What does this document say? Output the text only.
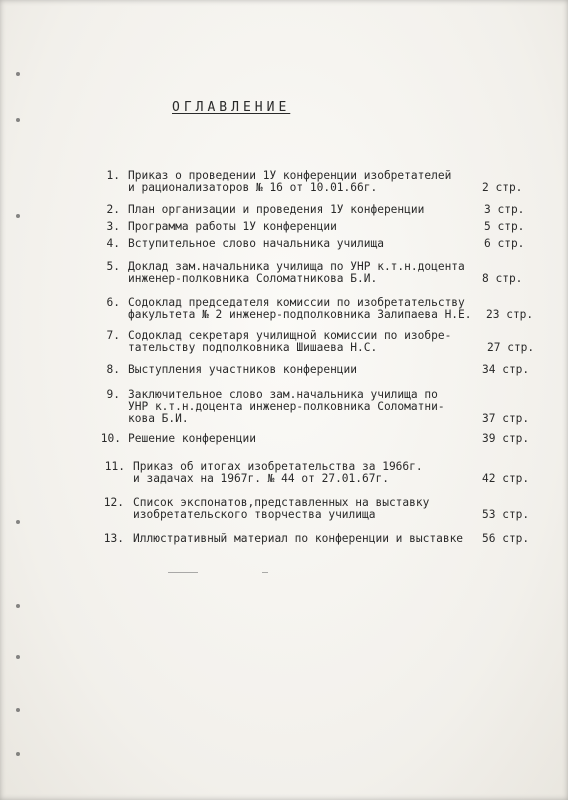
ОГЛАВЛЕНИЕ
1. Приказ о проведении 1У конференции изобретателей
и рационализаторов № 16 от 10.01.66г.	2 стр.
2. План организации и проведения 1У конференции	3 стр.
3. Программа работы 1У конференции	5 стр.
4. Вступительное слово начальника училища	6 стр.
5. Доклад зам.начальника училища по УНР к.т.н.доцента
инженер-полковника Соломатникова Б.И.	8 стр.
6. Содоклад председателя комиссии по изобретательству
факультета № 2 инженер-подполковника Залипаева Н.Е. 23 стр.
7. Содоклад секретаря училищной комиссии по изобре-
тательству подполковника Шишаева Н.С.	27 стр.
8. Выступления участников конференции	34 стр.
9. Заключительное слово зам.начальника училища по
УНР к.т.н.доцента инженер-полковника Соломатни-
кова Б.И.	37 стр.
10. Решение конференции	39 стр.
11. Приказ об итогах изобретательства за 1966г.
и задачах на 1967г. № 44 от 27.01.67г.	42 стр.
12. Список экспонатов,представленных на выставку
изобретательского творчества училища	53 стр.
13. Иллюстративный материал по конференции и выставке 56 стр.
